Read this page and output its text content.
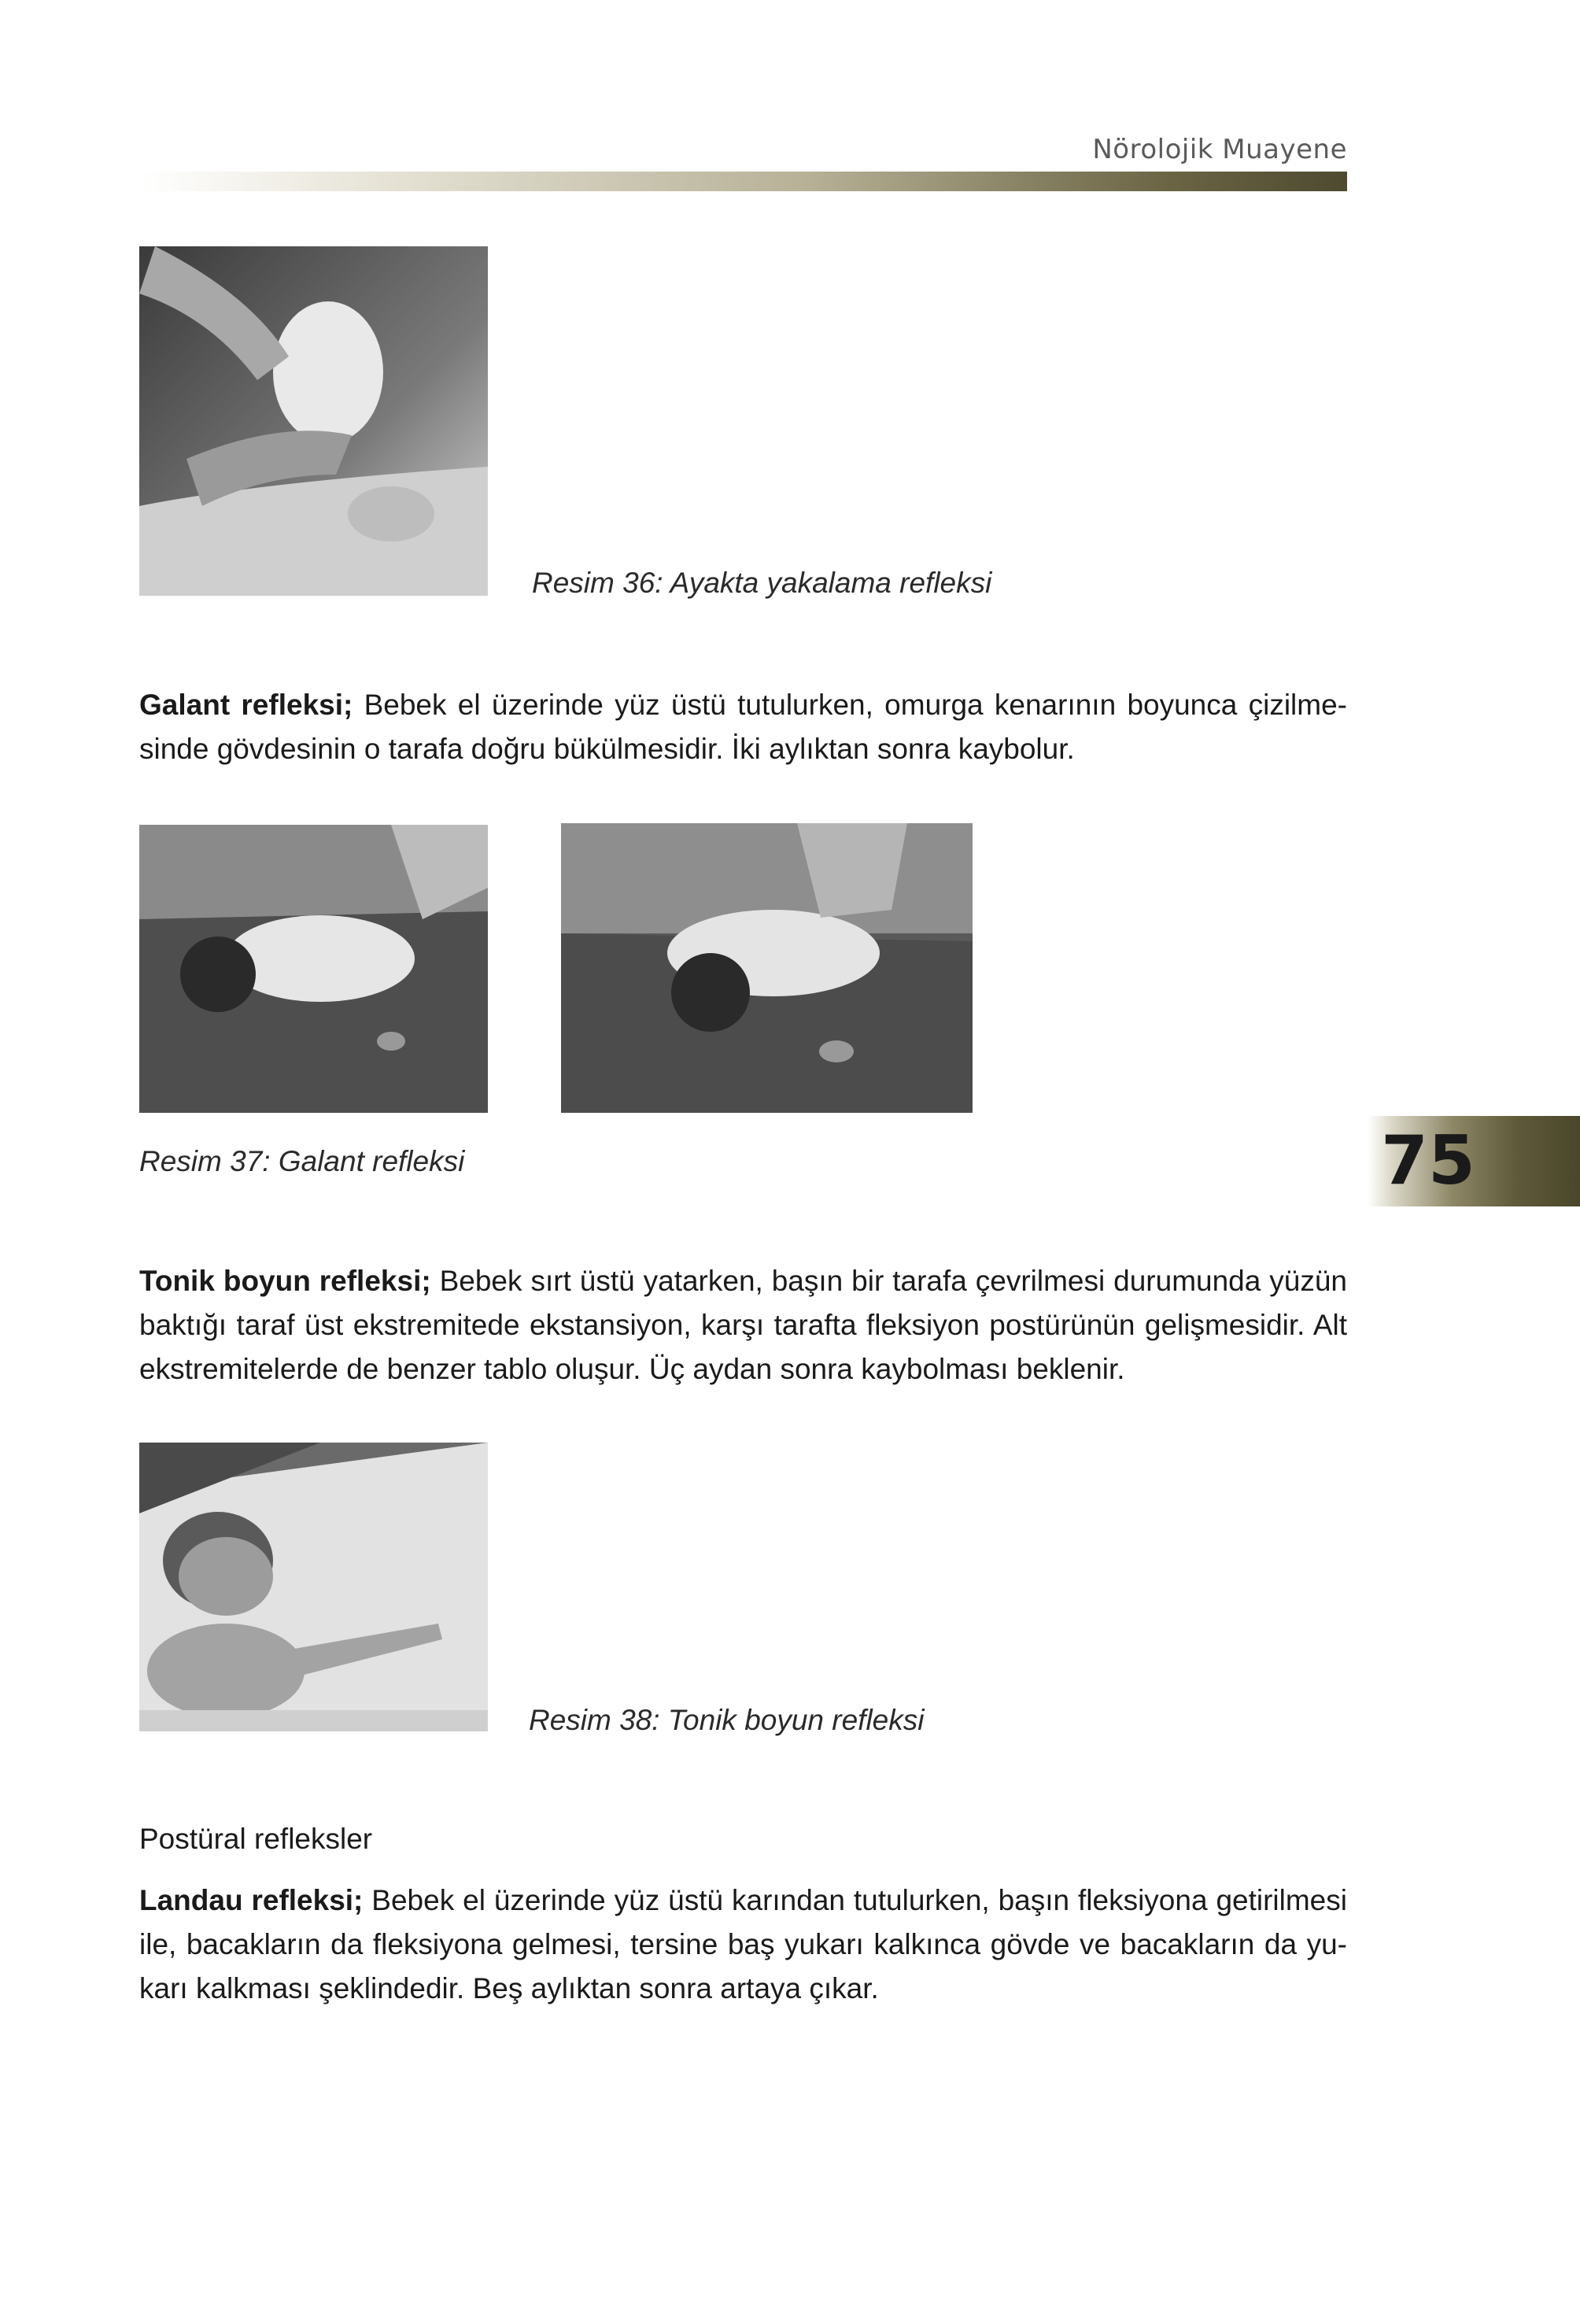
Nörolojik Muayene
Resim 36: Ayakta yakalama refleksi
Galant refleksi; Bebek el üzerinde yüz üstü tutulurken, omurga kenarının boyunca çizilme-
sinde gövdesinin o tarafa doğru bükülmesidir. İki aylıktan sonra kaybolur.
Resim 37: Galant refleksi	75
Tonik boyun refleksi; Bebek sırt üstü yatarken, başın bir tarafa çevrilmesi durumunda yüzün
baktığı taraf üst ekstremitede ekstansiyon, karşı tarafta fleksiyon postürünün gelişmesidir. Alt
ekstremitelerde de benzer tablo oluşur. Üç aydan sonra kaybolması beklenir.
Resim 38: Tonik boyun refleksi
Postüral refleksler
Landau refleksi; Bebek el üzerinde yüz üstü karından tutulurken, başın fleksiyona getirilmesi
ile, bacakların da fleksiyona gelmesi, tersine baş yukarı kalkınca gövde ve bacakların da yu-
karı kalkması şeklindedir. Beş aylıktan sonra artaya çıkar.
